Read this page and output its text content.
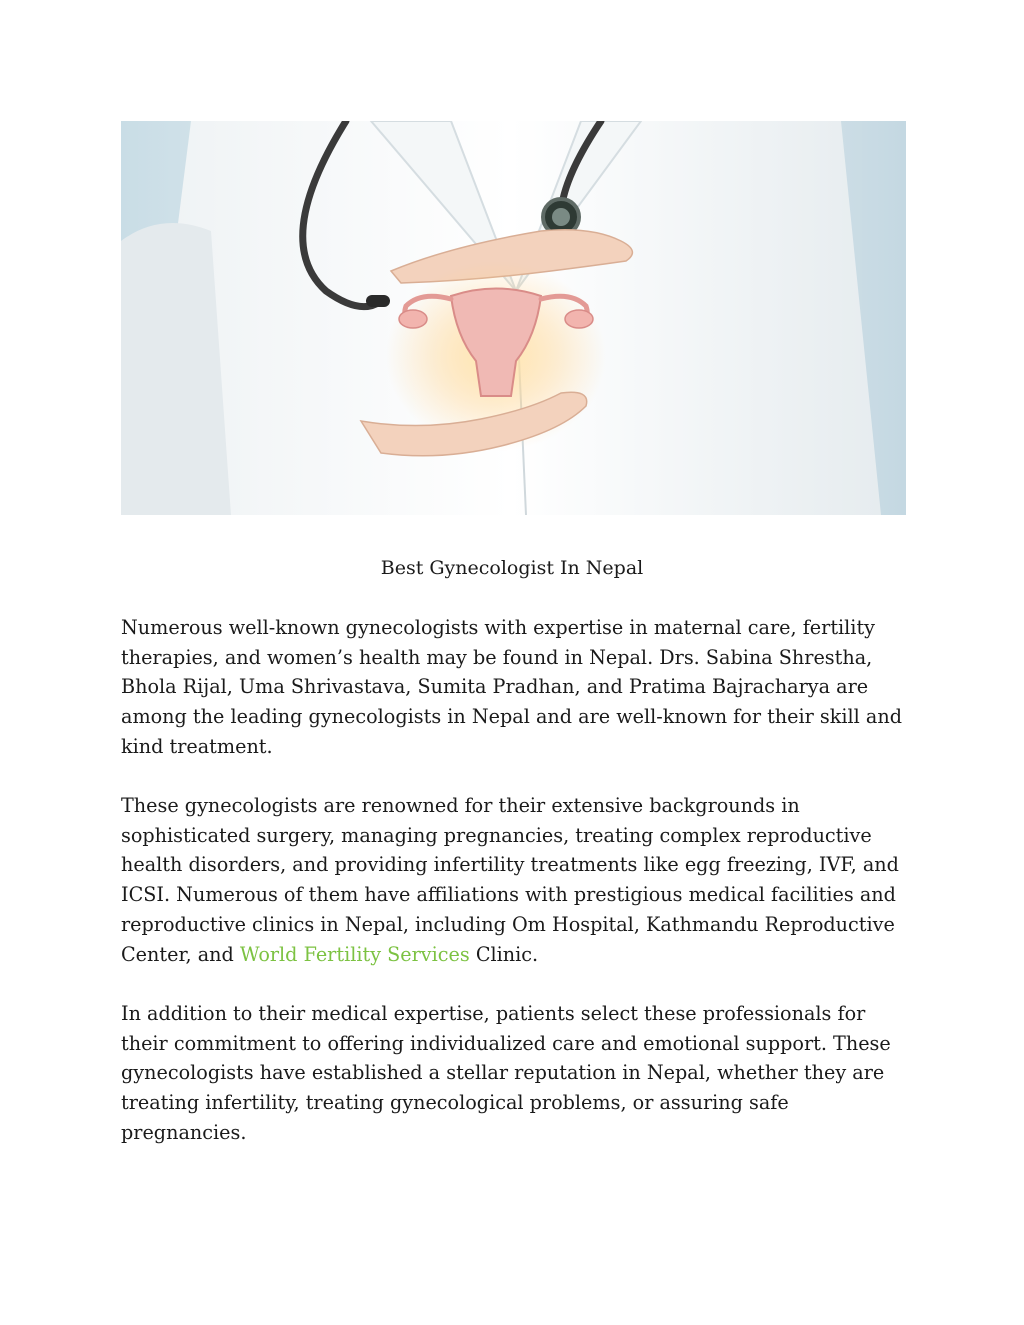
Best Gynecologist In Nepal

Numerous well-known gynecologists with expertise in maternal care, fertility therapies, and women’s health may be found in Nepal. Drs. Sabina Shrestha, Bhola Rijal, Uma Shrivastava, Sumita Pradhan, and Pratima Bajracharya are among the leading gynecologists in Nepal and are well-known for their skill and kind treatment.

These gynecologists are renowned for their extensive backgrounds in sophisticated surgery, managing pregnancies, treating complex reproductive health disorders, and providing infertility treatments like egg freezing, IVF, and ICSI. Numerous of them have affiliations with prestigious medical facilities and reproductive clinics in Nepal, including Om Hospital, Kathmandu Reproductive Center, and World Fertility Services Clinic.

In addition to their medical expertise, patients select these professionals for their commitment to offering individualized care and emotional support. These gynecologists have established a stellar reputation in Nepal, whether they are treating infertility, treating gynecological problems, or assuring safe pregnancies.
